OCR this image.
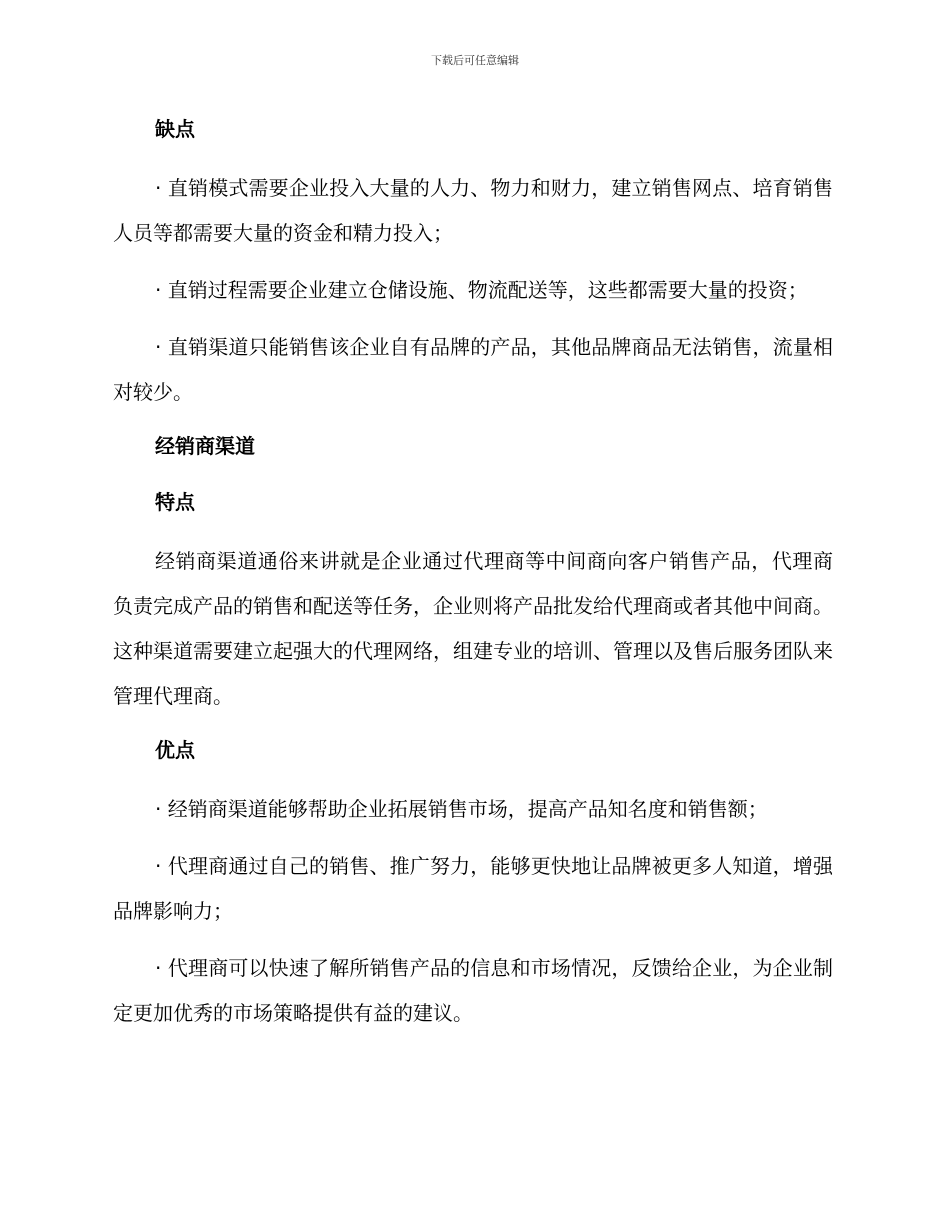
下载后可任意编辑
缺点

· 直销模式需要企业投入大量的人力、物力和财力，建立销售网点、培育销售人员等都需要大量的资金和精力投入；

· 直销过程需要企业建立仓储设施、物流配送等，这些都需要大量的投资；

· 直销渠道只能销售该企业自有品牌的产品，其他品牌商品无法销售，流量相对较少。

经销商渠道
特点

经销商渠道通俗来讲就是企业通过代理商等中间商向客户销售产品，代理商负责完成产品的销售和配送等任务，企业则将产品批发给代理商或者其他中间商。这种渠道需要建立起强大的代理网络，组建专业的培训、管理以及售后服务团队来管理代理商。

优点

· 经销商渠道能够帮助企业拓展销售市场，提高产品知名度和销售额；

· 代理商通过自己的销售、推广努力，能够更快地让品牌被更多人知道，增强品牌影响力；

· 代理商可以快速了解所销售产品的信息和市场情况，反馈给企业，为企业制定更加优秀的市场策略提供有益的建议。
